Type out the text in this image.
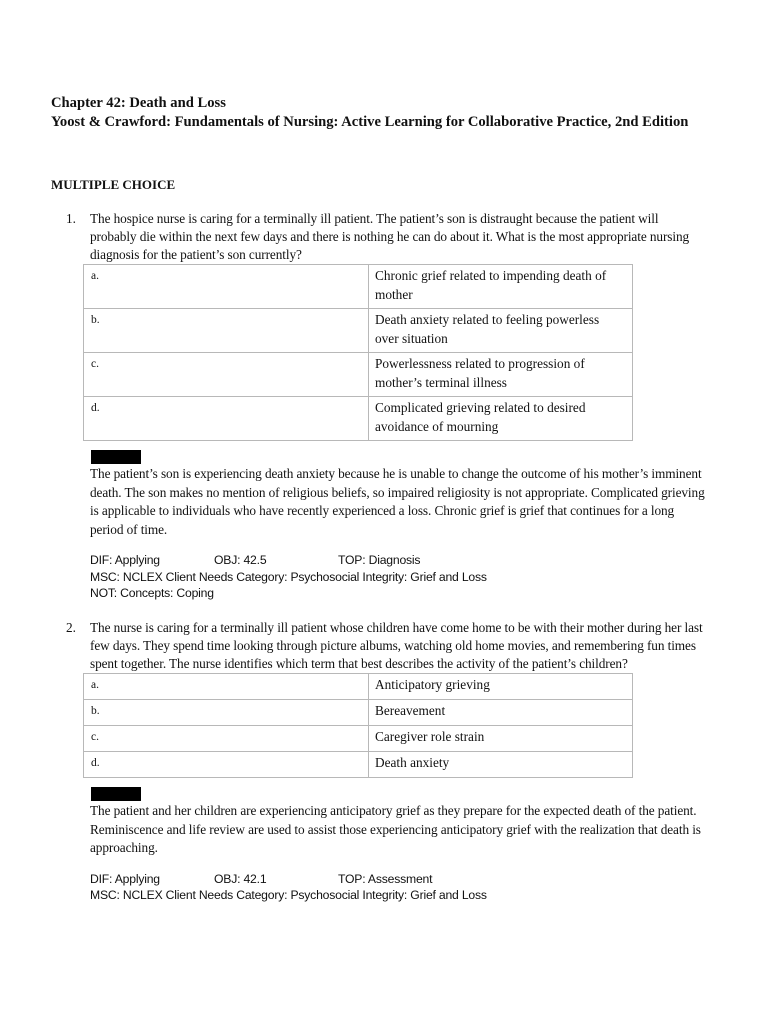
Chapter 42: Death and Loss
Yoost & Crawford: Fundamentals of Nursing: Active Learning for Collaborative Practice, 2nd Edition
MULTIPLE CHOICE
1. The hospice nurse is caring for a terminally ill patient. The patient’s son is distraught because the patient will probably die within the next few days and there is nothing he can do about it. What is the most appropriate nursing diagnosis for the patient’s son currently?
a.	Chronic grief related to impending death of mother
b.	Death anxiety related to feeling powerless over situation
c.	Powerlessness related to progression of mother’s terminal illness
d.	Complicated grieving related to desired avoidance of mourning
The patient’s son is experiencing death anxiety because he is unable to change the outcome of his mother’s imminent death. The son makes no mention of religious beliefs, so impaired religiosity is not appropriate. Complicated grieving is applicable to individuals who have recently experienced a loss. Chronic grief is grief that continues for a long period of time.
DIF: Applying	OBJ: 42.5	TOP: Diagnosis
MSC: NCLEX Client Needs Category: Psychosocial Integrity: Grief and Loss
NOT: Concepts: Coping
2. The nurse is caring for a terminally ill patient whose children have come home to be with their mother during her last few days. They spend time looking through picture albums, watching old home movies, and remembering fun times spent together. The nurse identifies which term that best describes the activity of the patient’s children?
a.	Anticipatory grieving
b.	Bereavement
c.	Caregiver role strain
d.	Death anxiety
The patient and her children are experiencing anticipatory grief as they prepare for the expected death of the patient. Reminiscence and life review are used to assist those experiencing anticipatory grief with the realization that death is approaching.
DIF: Applying	OBJ: 42.1	TOP: Assessment
MSC: NCLEX Client Needs Category: Psychosocial Integrity: Grief and Loss
